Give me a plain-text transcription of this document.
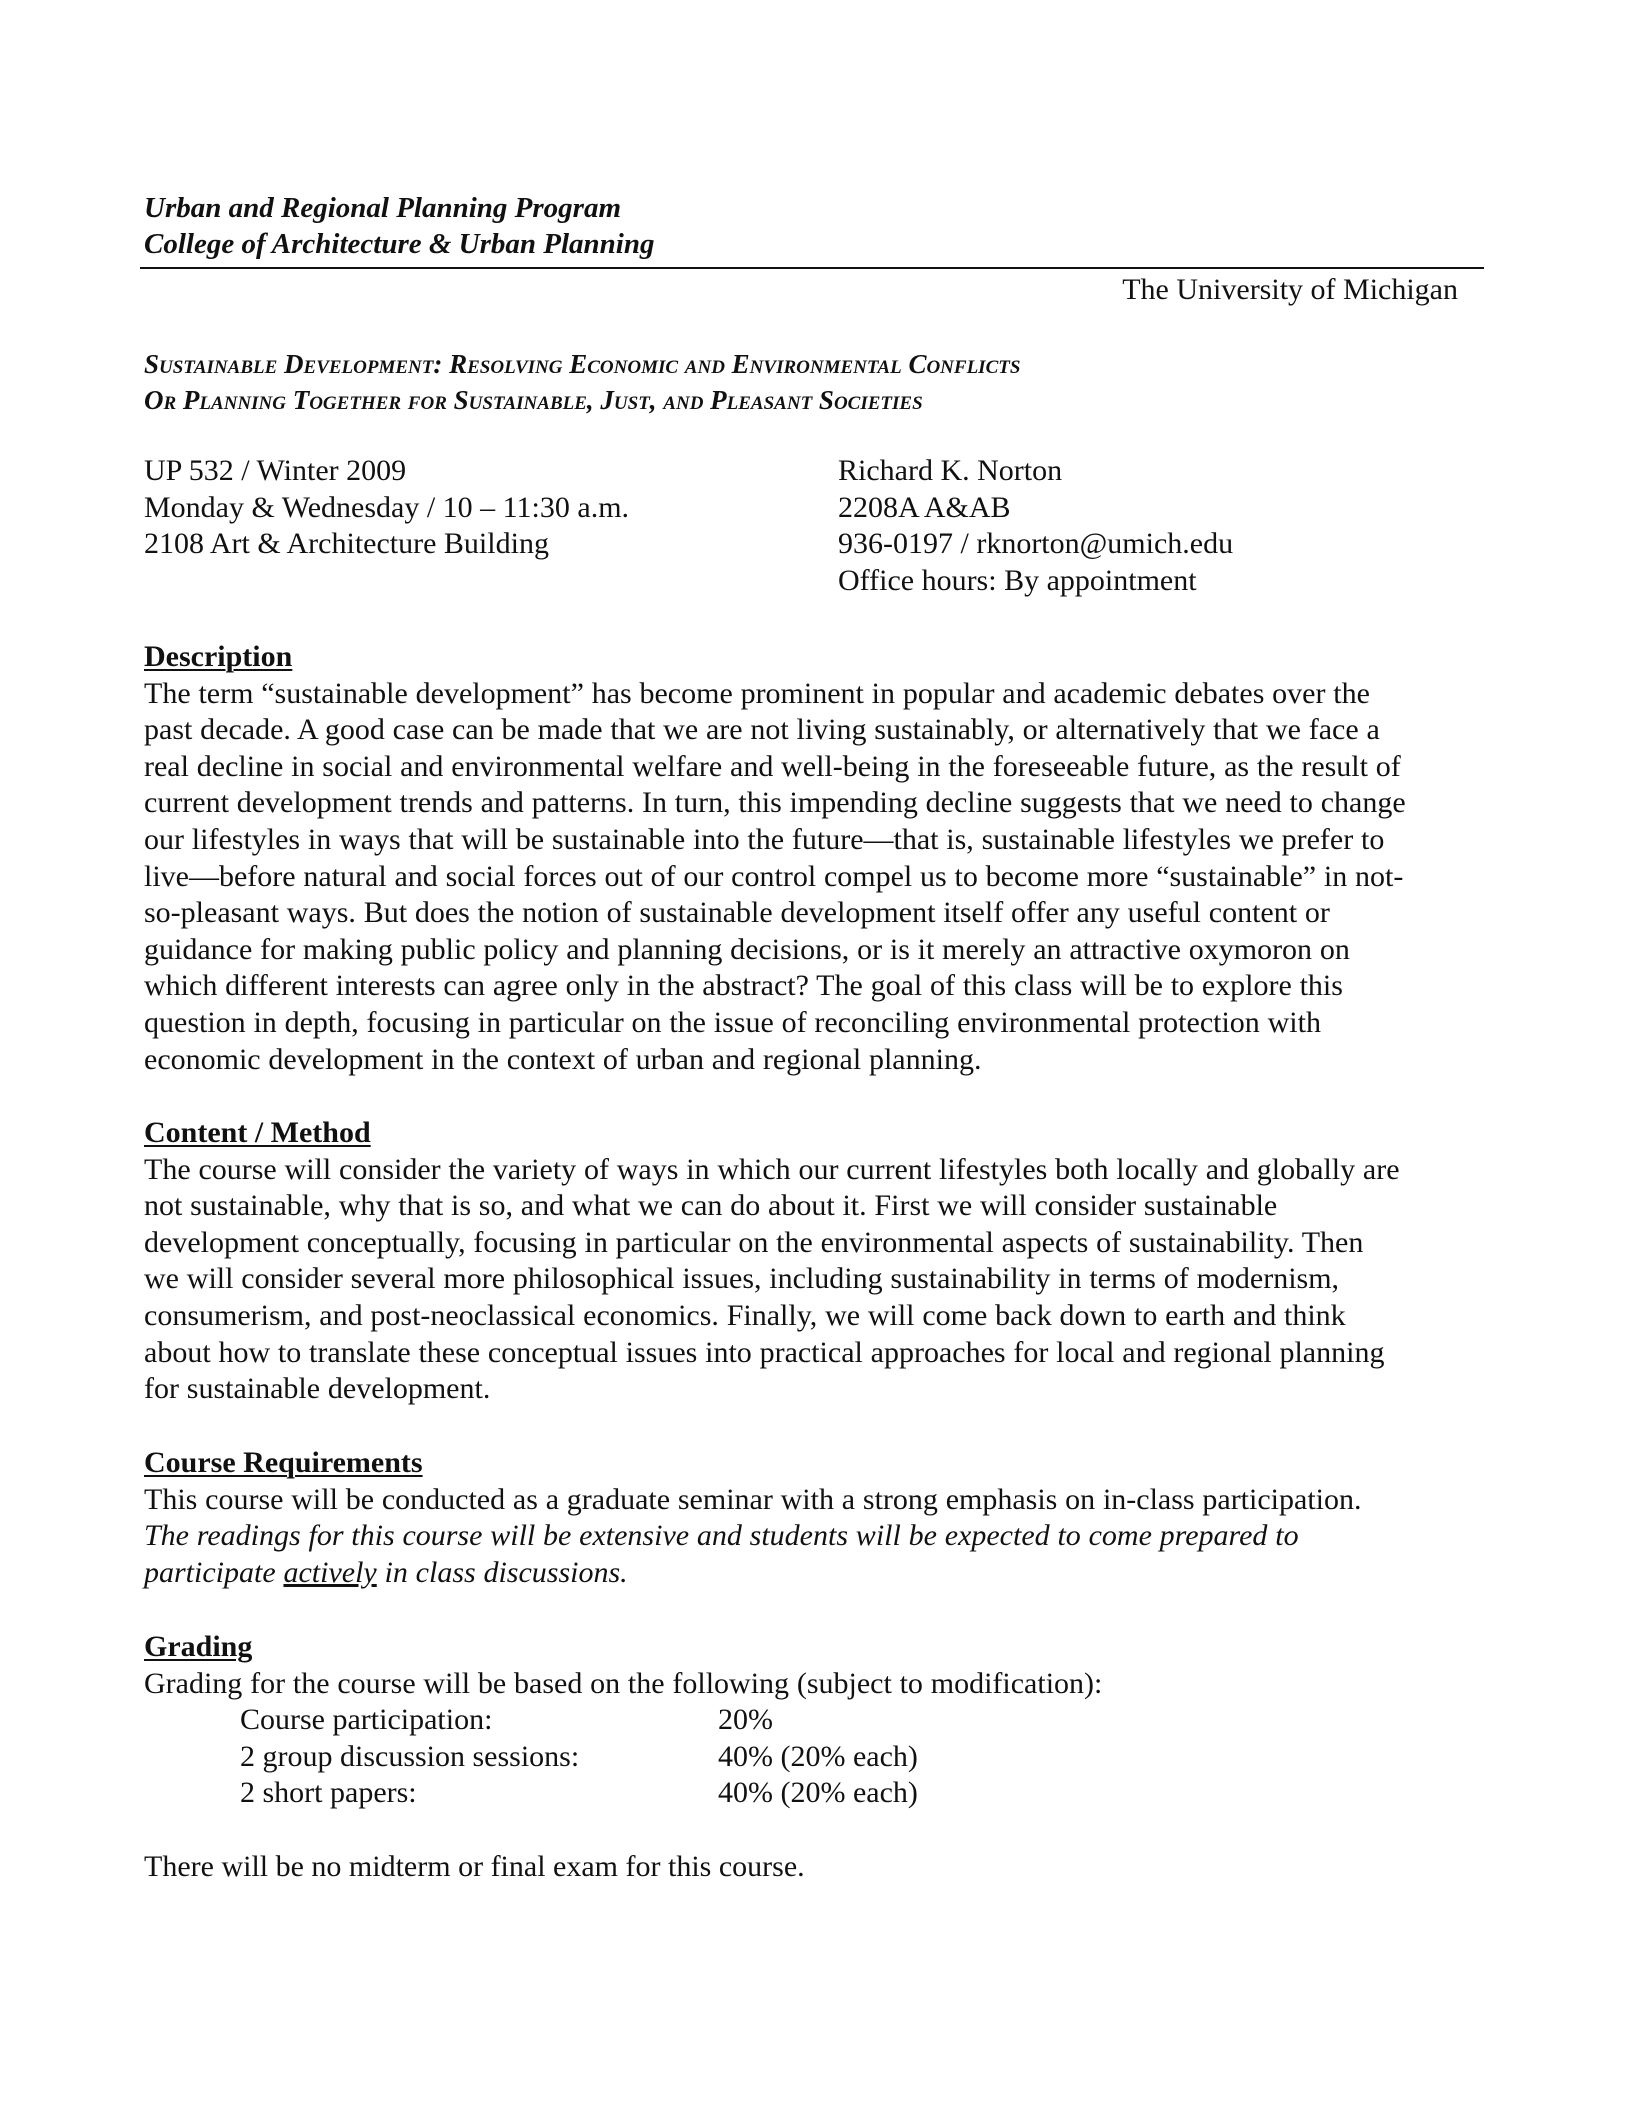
Urban and Regional Planning Program
College of Architecture & Urban Planning
The University of Michigan
Sustainable Development: Resolving Economic and Environmental Conflicts
Or Planning Together for Sustainable, Just, and Pleasant Societies
UP 532 / Winter 2009
Monday & Wednesday / 10 – 11:30 a.m.
2108 Art & Architecture Building
Richard K. Norton
2208A A&AB
936-0197 / rknorton@umich.edu
Office hours: By appointment
Description
The term “sustainable development” has become prominent in popular and academic debates over the
past decade. A good case can be made that we are not living sustainably, or alternatively that we face a
real decline in social and environmental welfare and well-being in the foreseeable future, as the result of
current development trends and patterns. In turn, this impending decline suggests that we need to change
our lifestyles in ways that will be sustainable into the future—that is, sustainable lifestyles we prefer to
live—before natural and social forces out of our control compel us to become more “sustainable” in not-
so-pleasant ways. But does the notion of sustainable development itself offer any useful content or
guidance for making public policy and planning decisions, or is it merely an attractive oxymoron on
which different interests can agree only in the abstract? The goal of this class will be to explore this
question in depth, focusing in particular on the issue of reconciling environmental protection with
economic development in the context of urban and regional planning.
Content / Method
The course will consider the variety of ways in which our current lifestyles both locally and globally are
not sustainable, why that is so, and what we can do about it. First we will consider sustainable
development conceptually, focusing in particular on the environmental aspects of sustainability. Then
we will consider several more philosophical issues, including sustainability in terms of modernism,
consumerism, and post-neoclassical economics. Finally, we will come back down to earth and think
about how to translate these conceptual issues into practical approaches for local and regional planning
for sustainable development.
Course Requirements
This course will be conducted as a graduate seminar with a strong emphasis on in-class participation.
The readings for this course will be extensive and students will be expected to come prepared to
participate actively in class discussions.
Grading
Grading for the course will be based on the following (subject to modification):
Course participation:	20%
2 group discussion sessions:	40% (20% each)
2 short papers:	40% (20% each)
There will be no midterm or final exam for this course.
